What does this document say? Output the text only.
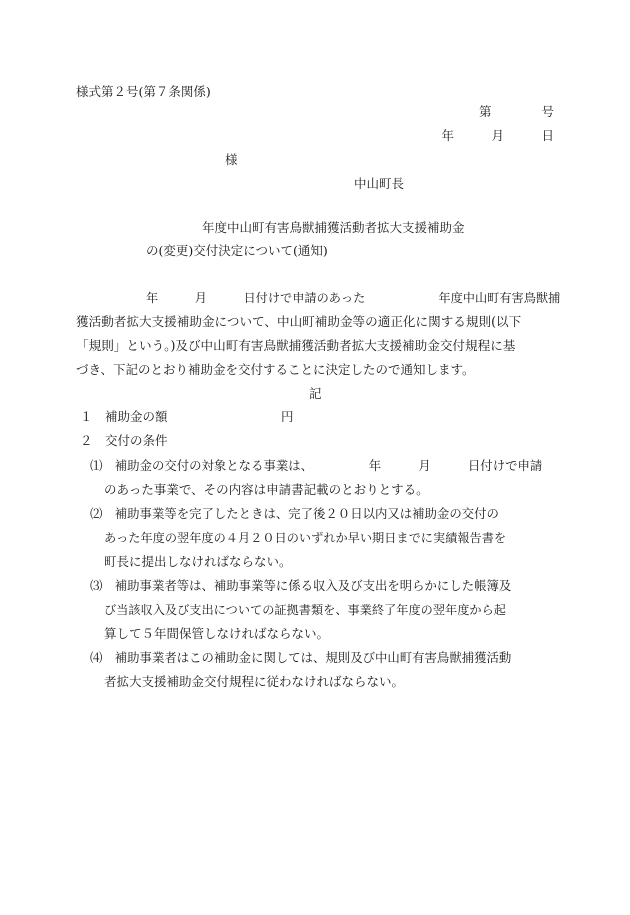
様式第２号(第７条関係)
第　　　　号
年　　　月　　　日
様
中山町長
年度中山町有害鳥獣捕獲活動者拡大支援補助金
の(変更)交付決定について(通知)
年　　　月　　　日付けで申請のあった　　　　　　年度中山町有害鳥獣捕
獲活動者拡大支援補助金について、中山町補助金等の適正化に関する規則(以下
「規則」という。)及び中山町有害鳥獣捕獲活動者拡大支援補助金交付規程に基
づき、下記のとおり補助金を交付することに決定したので通知します。
記
１　補助金の額	円
２　交付の条件
⑴　補助金の交付の対象となる事業は、　　　　　年　　　月　　　日付けで申請
のあった事業で、その内容は申請書記載のとおりとする。
⑵　補助事業等を完了したときは、完了後２０日以内又は補助金の交付の
あった年度の翌年度の４月２０日のいずれか早い期日までに実績報告書を
町長に提出しなければならない。
⑶　補助事業者等は、補助事業等に係る収入及び支出を明らかにした帳簿及
び当該収入及び支出についての証拠書類を、事業終了年度の翌年度から起
算して５年間保管しなければならない。
⑷　補助事業者はこの補助金に関しては、規則及び中山町有害鳥獣捕獲活動
者拡大支援補助金交付規程に従わなければならない。
